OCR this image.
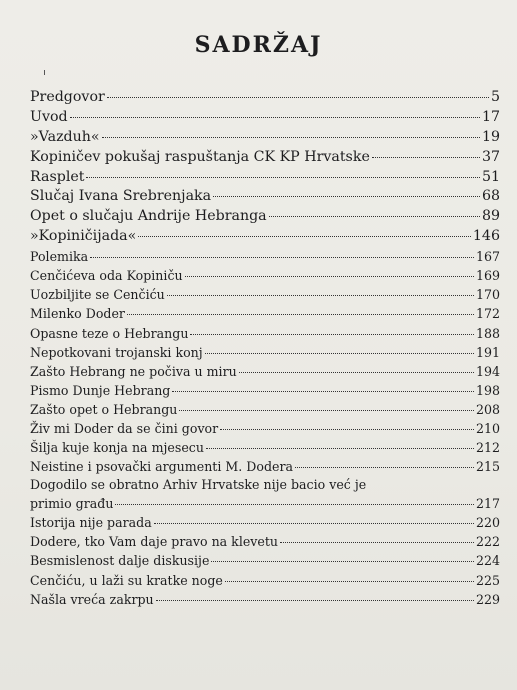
SADRŽAJ
Predgovor	5
Uvod	17
»Vazduh«	19
Kopiničev pokušaj raspuštanja CK KP Hrvatske	37
Rasplet	51
Slučaj Ivana Srebrenjaka	68
Opet o slučaju Andrije Hebranga	89
»Kopiničijada«	146
Polemika	167
Cenčićeva oda Kopiniču	169
Uozbiljite se Cenčiću	170
Milenko Doder	172
Opasne teze o Hebrangu	188
Nepotkovani trojanski konj	191
Zašto Hebrang ne počiva u miru	194
Pismo Dunje Hebrang	198
Zašto opet o Hebrangu	208
Živ mi Doder da se čini govor	210
Šilja kuje konja na mjesecu	212
Neistine i psovački argumenti M. Dodera	215
Dogodilo se obratno Arhiv Hrvatske nije bacio već je
primio građu	217
Istorija nije parada	220
Dodere, tko Vam daje pravo na klevetu	222
Besmislenost dalje diskusije	224
Cenčiću, u laži su kratke noge	225
Našla vreća zakrpu	229
